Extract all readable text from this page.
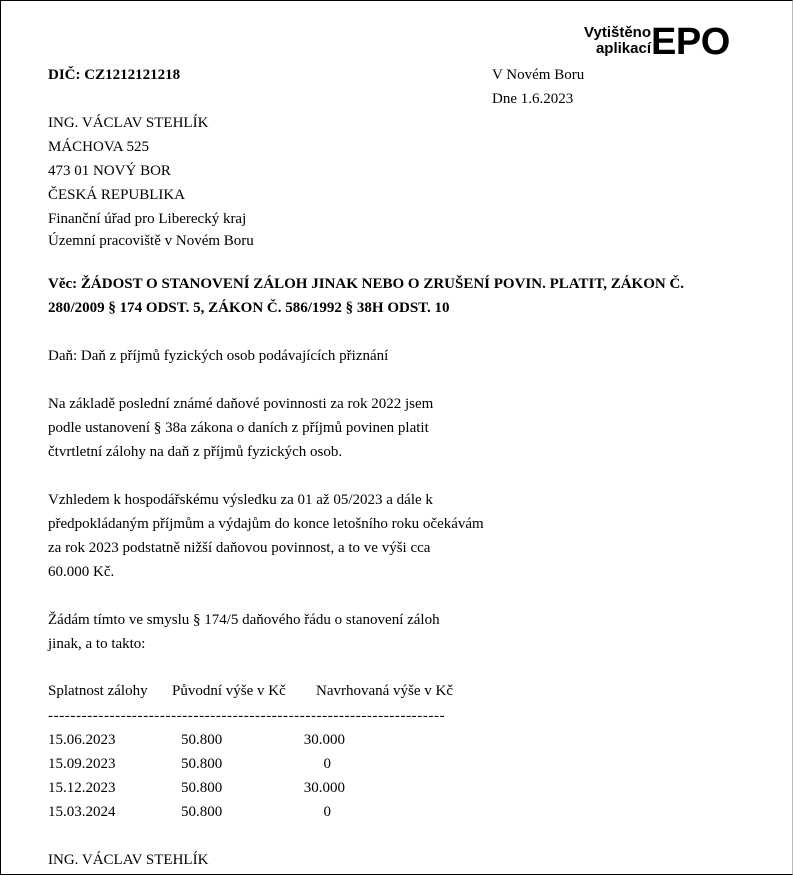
Vytištěno
aplikací EPO
DIČ: CZ1212121218	V Novém Boru
Dne 1.6.2023
ING. VÁCLAV STEHLÍK
MÁCHOVA 525
473 01 NOVÝ BOR
ČESKÁ REPUBLIKA
Finanční úřad pro Liberecký kraj
Územní pracoviště v Novém Boru
Věc: ŽÁDOST O STANOVENÍ ZÁLOH JINAK NEBO O ZRUŠENÍ POVIN. PLATIT, ZÁKON Č.
280/2009 § 174 ODST. 5, ZÁKON Č. 586/1992 § 38H ODST. 10
Daň: Daň z příjmů fyzických osob podávajících přiznání
Na základě poslední známé daňové povinnosti za rok 2022 jsem
podle ustanovení § 38a zákona o daních z příjmů povinen platit
čtvrtletní zálohy na daň z příjmů fyzických osob.
Vzhledem k hospodářskému výsledku za 01 až 05/2023 a dále k
předpokládaným příjmům a výdajům do konce letošního roku očekávám
za rok 2023 podstatně nižší daňovou povinnost, a to ve výši cca
60.000 Kč.
Žádám tímto ve smyslu § 174/5 daňového řádu o stanovení záloh
jinak, a to takto:
Splatnost zálohy Původní výše v Kč Navrhovaná výše v Kč
-----------------------------------------------------------------------
15.06.2023	50.800	30.000
15.09.2023	50.800	0
15.12.2023	50.800	30.000
15.03.2024	50.800	0
ING. VÁCLAV STEHLÍK
